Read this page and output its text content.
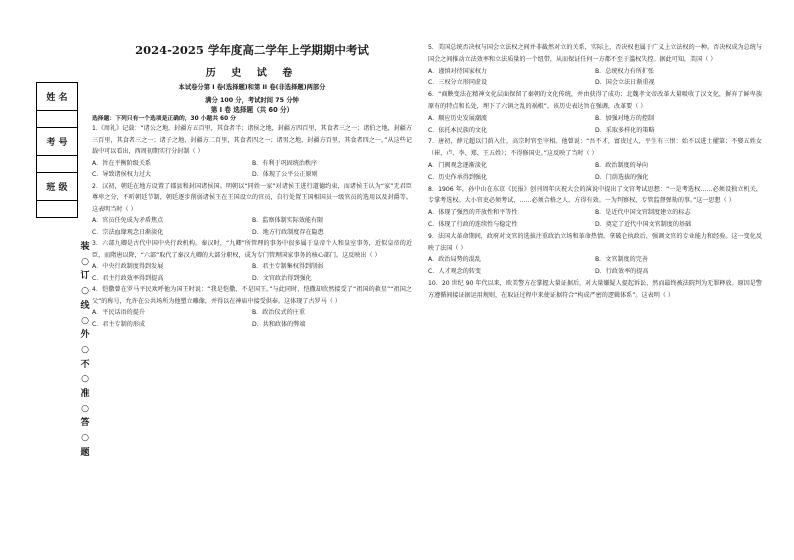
姓 名

考 号

班 级

装
○
订
○
线
○
外
○
不
○
准
○
答
○
题
2024-2025 学年度高二学年上学期期中考试
历 史 试 卷
本试卷分第 I 卷(选择题)和第 II 卷(非选择题)两部分
满分 100 分，考试时间 75 分钟
第 I 卷 选择题（共 60 分）
选择题：下列只有一个选项是正确的，30 小题共 60 分

1.《周礼》记载：“诸公之地，封疆方五百里，其食者半；诸侯之地，封疆方四百里，其食者三之一；诸伯之地，封疆方三百里，其食者三之一；诸子之地，封疆方二百里，其食者四之一；诸男之地，封疆方百里，其食者四之一。”从这些记载中可以看出，西周初期实行分封制（ ）

A．旨在平衡阶级关系	B．有利于巩固统治秩序
C．导致诸侯权力过大	D．体现了公平公正原则

2．汉初，朝廷在地方设置了郡县和封国诸侯国。明朝以“同姓一家”对诸侯王进行道德约束，而诸侯王认为“家”无君臣尊卑之分，不听朝廷节制，朝廷逐步削弱诸侯王在王国设立的官员，自行处置王国相国员一级官员的选用以及封爵等。这表明当时（ ）

A．官员任免成为矛盾焦点	B．监察体制实际效能有限
C．宗法血缘观念日渐淡化	D．地方行政制度存在隐患

3．六部九卿是古代中国中央行政机构。秦汉时，“九卿”所管理的事务中很多属于皇帝个人和皇室事务，近似皇帝的近臣，而隋唐以降，“六部”取代了秦汉九卿的大部分职权，成为专门管理国家事务的核心部门。这反映出（ ）

A．中央行政制度得到发展	B．君主专制集权得到削弱
C．君主行政效率得到提高	D．文官政治得到强化

4．恺撒曾在罗马平民欢呼他为国王时说：“我是恺撒，不是国王。”与此同时，恺撒却欣然接受了“祖国的救星”“祖国之父”的称号，允许在公共场所为他塑立雕像，并得以在神庙中接受供奉。这体现了古罗马（ ）

A．平民话语的提升	B．政治仪式的庄重
C．君主专制的形成	D．共和政体的弊端

5．美国总统否决权与国会立法权之间并非截然对立的关系，实际上，否决权也属于广义上立法权的一种。否决权成为总统与国会之间推动立法效率和立法质量的一个纽带，从而保证任何一方都不至于滥权失控。据此可知，美国（ ）

A．谨慎对待国家权力	B．总统权力有所扩张
C．三权分立形同虚设	D．国会立法日渐重视

6．“商鞅变法在精神文化层面保留了秦朝的文化传统，并由获得了成功；北魏孝文帝改革大量吸收了汉文化，摒弃了鲜卑族原有的特点和长处，埋下了六镇之乱的祸根”。该历史表达旨在强调，改革要（ ）

A．顺应历史发展潮流	B．加强对地方的控制
C．依托本民族的文化	D．采取多样化的策略

7．唐初，薛元超以门荫入仕，高宗时官至宰相。他曾说：“吾不才，富贵过人，平生有三恨：始不以进士擢第；不娶五姓女（崔、卢、李、郑、王五姓）；不得修国史。”这反映了当时（ ）

A．门阀观念逐渐淡化	B．政治制度的导向
C．历史作承得到强化	D．门荫选拔的强化

8．1906 年，孙中山在东京《民报》创刊周年庆祝大会的演说中提出了文官考试思想：“一是考选权……必须设独立机关，专掌考选权。大小官吏必须考试，……必须合格之人，方得有效。一为判察权，专管监督弹劾的事。”这一思想（ ）

A．体现了强烈的开放性和平等性	B．是近代中国文官制度建立的标志
C．体现了行政的连续性与稳定性	D．奠定了近代中国文官制度的基础

9．法国大革命期间，政府对文官的选拔注重政治立场和革命热情。拿破仑执政后，强调文官的专业能力和经验。这一变化反映了法国（ ）

A．政治局势的混乱	B．文官制度的完善
C．人才观念的转变	D．行政效率的提高

10．20 世纪 90 年代以来，欧美警方在掌握大量证据后，对大量嫌疑人提起诉讼，然而最终被法院判为无罪释放。原因是警方遵循间接证据运用规则，在取证过程中来使证据符合“构成严密的逻辑体系”。这表明（ ）
